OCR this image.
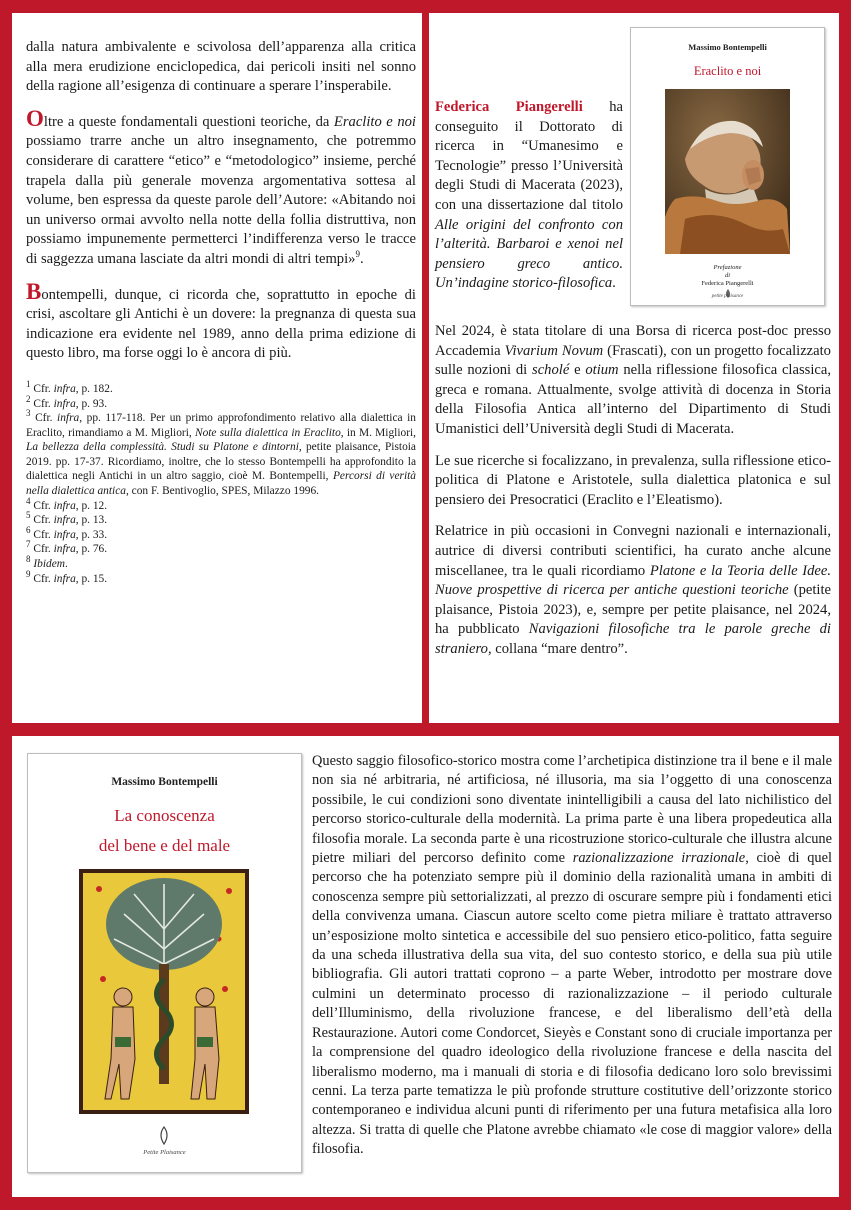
dalla natura ambivalente e scivolosa dell’apparenza alla critica alla mera erudizione enciclopedica, dai pericoli insiti nel sonno della ragione all’esigenza di continuare a sperare l’insperabile.

Oltre a queste fondamentali questioni teoriche, da Eraclito e noi possiamo trarre anche un altro insegnamento, che potremmo considerare di carattere “etico” e “metodologico” insieme, perché trapela dalla più generale movenza argomentativa sottesa al volume, ben espressa da queste parole dell’Autore: «Abitando noi un universo ormai avvolto nella notte della follia distruttiva, non possiamo impunemente permetterci l’indifferenza verso le tracce di saggezza umana lasciate da altri mondi di altri tempi»$^9$.

Bontempelli, dunque, ci ricorda che, soprattutto in epoche di crisi, ascoltare gli Antichi è un dovere: la pregnanza di questa sua indicazione era evidente nel 1989, anno della prima edizione di questo libro, ma forse oggi lo è ancora di più.

$^1$ Cfr. infra, p. 182.
$^2$ Cfr. infra, p. 93.
$^3$ Cfr. infra, pp. 117-118. Per un primo approfondimento relativo alla dialettica in Eraclito, rimandiamo a M. Migliori, Note sulla dialettica in Eraclito, in M. Migliori, La bellezza della complessità. Studi su Platone e dintorni, petite plaisance, Pistoia 2019. pp. 17-37. Ricordiamo, inoltre, che lo stesso Bontempelli ha approfondito la dialettica negli Antichi in un altro saggio, cioè M. Bontempelli, Percorsi di verità nella dialettica antica, con F. Bentivoglio, SPES, Milazzo 1996.
$^4$ Cfr. infra, p. 12.
$^5$ Cfr. infra, p. 13.
$^6$ Cfr. infra, p. 33.
$^7$ Cfr. infra, p. 76.
$^8$ Ibidem.
$^9$ Cfr. infra, p. 15.
Massimo Bontempelli
Eraclito e noi
Prefazione
di
Federica Piangerelli
petite plaisance

Federica Piangerelli ha conseguito il Dottorato di ricerca in “Umanesimo e Tecnologie” presso l’Università degli Studi di Macerata (2023), con una dissertazione dal titolo Alle origini del confronto con l’alterità. Barbaroi e xenoi nel pensiero greco antico. Un’indagine storico-filosofica.

Nel 2024, è stata titolare di una Borsa di ricerca post-doc presso Accademia Vivarium Novum (Frascati), con un progetto focalizzato sulle nozioni di scholé e otium nella riflessione filosofica classica, greca e romana. Attualmente, svolge attività di docenza in Storia della Filosofia Antica all’interno del Dipartimento di Studi Umanistici dell’Università degli Studi di Macerata.

Le sue ricerche si focalizzano, in prevalenza, sulla riflessione etico-politica di Platone e Aristotele, sulla dialettica platonica e sul pensiero dei Presocratici (Eraclito e l’Eleatismo).

Relatrice in più occasioni in Convegni nazionali e internazionali, autrice di diversi contributi scientifici, ha curato anche alcune miscellanee, tra le quali ricordiamo Platone e la Teoria delle Idee. Nuove prospettive di ricerca per antiche questioni teoriche (petite plaisance, Pistoia 2023), e, sempre per petite plaisance, nel 2024, ha pubblicato Navigazioni filosofiche tra le parole greche di straniero, collana “mare dentro”.

Massimo Bontempelli
La conoscenza
del bene e del male
Petite Plaisance

Questo saggio filosofico-storico mostra come l’archetipica distinzione tra il bene e il male non sia né arbitraria, né artificiosa, né illusoria, ma sia l’oggetto di una conoscenza possibile, le cui condizioni sono diventate inintelligibili a causa del lato nichilistico del percorso storico-culturale della modernità. La prima parte è una libera propedeutica alla filosofia morale. La seconda parte è una ricostruzione storico-culturale che illustra alcune pietre miliari del percorso definito come razionalizzazione irrazionale, cioè di quel percorso che ha potenziato sempre più il dominio della razionalità umana in ambiti di conoscenza sempre più settorializzati, al prezzo di oscurare sempre più i fondamenti etici della convivenza umana. Ciascun autore scelto come pietra miliare è trattato attraverso un’esposizione molto sintetica e accessibile del suo pensiero etico-politico, fatta seguire da una scheda illustrativa della sua vita, del suo contesto storico, e della sua più utile bibliografia. Gli autori trattati coprono – a parte Weber, introdotto per mostrare dove culmini un determinato processo di razionalizzazione – il periodo culturale dell’Illuminismo, della rivoluzione francese, e del liberalismo dell’età della Restaurazione. Autori come Condorcet, Sieyès e Constant sono di cruciale importanza per la comprensione del quadro ideologico della rivoluzione francese e della nascita del liberalismo moderno, ma i manuali di storia e di filosofia dedicano loro solo brevissimi cenni. La terza parte tematizza le più profonde strutture costitutive dell’orizzonte storico contemporaneo e individua alcuni punti di riferimento per una futura metafisica alla loro altezza. Si tratta di quelle che Platone avrebbe chiamato «le cose di maggior valore» della filosofia.
